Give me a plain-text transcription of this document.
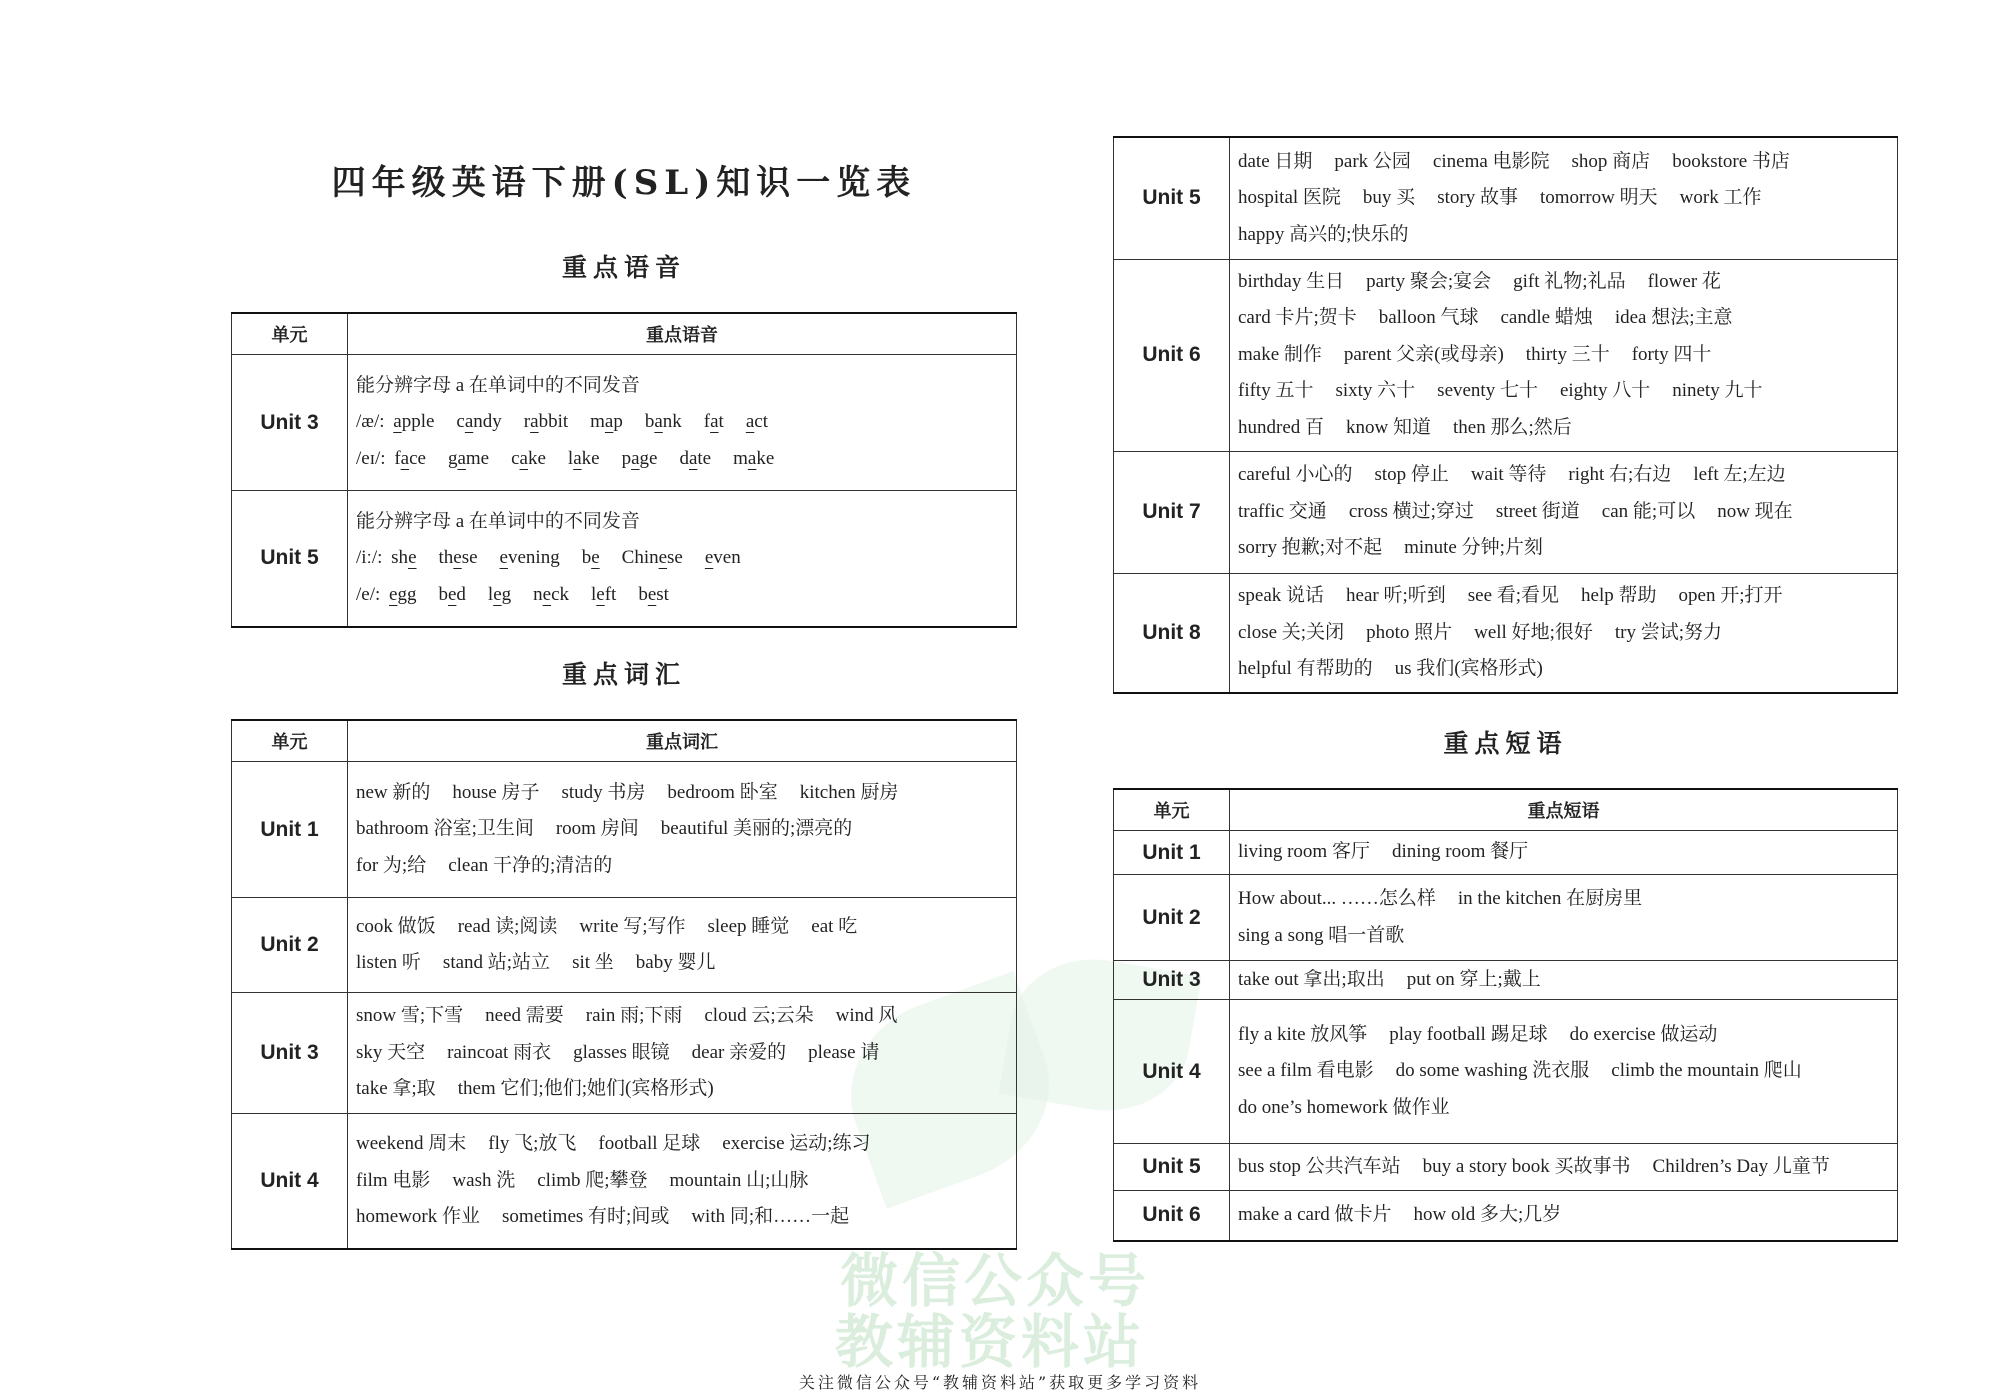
微信公众号
教辅资料站
四年级英语下册(SL)知识一览表
重点语音
重点词汇
重点短语
单元	重点语音
Unit 3	能分辨字母 a 在单词中的不同发音
/æ/: apple candy rabbit map bank fat act
/eɪ/: face game cake lake page date make

Unit 5	能分辨字母 a 在单词中的不同发音
/iː/: she these evening be Chinese even
/e/: egg bed leg neck left best
单元	重点词汇
Unit 1	new 新的 house 房子 study 书房 bedroom 卧室 kitchen 厨房
bathroom 浴室;卫生间 room 房间 beautiful 美丽的;漂亮的
for 为;给 clean 干净的;清洁的

Unit 2	cook 做饭 read 读;阅读 write 写;写作 sleep 睡觉 eat 吃
listen 听 stand 站;站立 sit 坐 baby 婴儿

Unit 3	snow 雪;下雪 need 需要 rain 雨;下雨 cloud 云;云朵 wind 风
sky 天空 raincoat 雨衣 glasses 眼镜 dear 亲爱的 please 请
take 拿;取 them 它们;他们;她们(宾格形式)

Unit 4	weekend 周末 fly 飞;放飞 football 足球 exercise 运动;练习
film 电影 wash 洗 climb 爬;攀登 mountain 山;山脉
homework 作业 sometimes 有时;间或 with 同;和……一起
Unit 5	date 日期 park 公园 cinema 电影院 shop 商店 bookstore 书店
hospital 医院 buy 买 story 故事 tomorrow 明天 work 工作
happy 高兴的;快乐的

Unit 6	birthday 生日 party 聚会;宴会 gift 礼物;礼品 flower 花
card 卡片;贺卡 balloon 气球 candle 蜡烛 idea 想法;主意
make 制作 parent 父亲(或母亲) thirty 三十 forty 四十
fifty 五十 sixty 六十 seventy 七十 eighty 八十 ninety 九十
hundred 百 know 知道 then 那么;然后

Unit 7	careful 小心的 stop 停止 wait 等待 right 右;右边 left 左;左边
traffic 交通 cross 横过;穿过 street 街道 can 能;可以 now 现在
sorry 抱歉;对不起 minute 分钟;片刻

Unit 8	speak 说话 hear 听;听到 see 看;看见 help 帮助 open 开;打开
close 关;关闭 photo 照片 well 好地;很好 try 尝试;努力
helpful 有帮助的 us 我们(宾格形式)
单元	重点短语
Unit 1	living room 客厅 dining room 餐厅

Unit 2	How about... ……怎么样 in the kitchen 在厨房里
sing a song 唱一首歌

Unit 3	take out 拿出;取出 put on 穿上;戴上

Unit 4	fly a kite 放风筝 play football 踢足球 do exercise 做运动
see a film 看电影 do some washing 洗衣服 climb the mountain 爬山
do one’s homework 做作业

Unit 5	bus stop 公共汽车站 buy a story book 买故事书 Children’s Day 儿童节

Unit 6	make a card 做卡片 how old 多大;几岁
关注微信公众号“教辅资料站”获取更多学习资料
